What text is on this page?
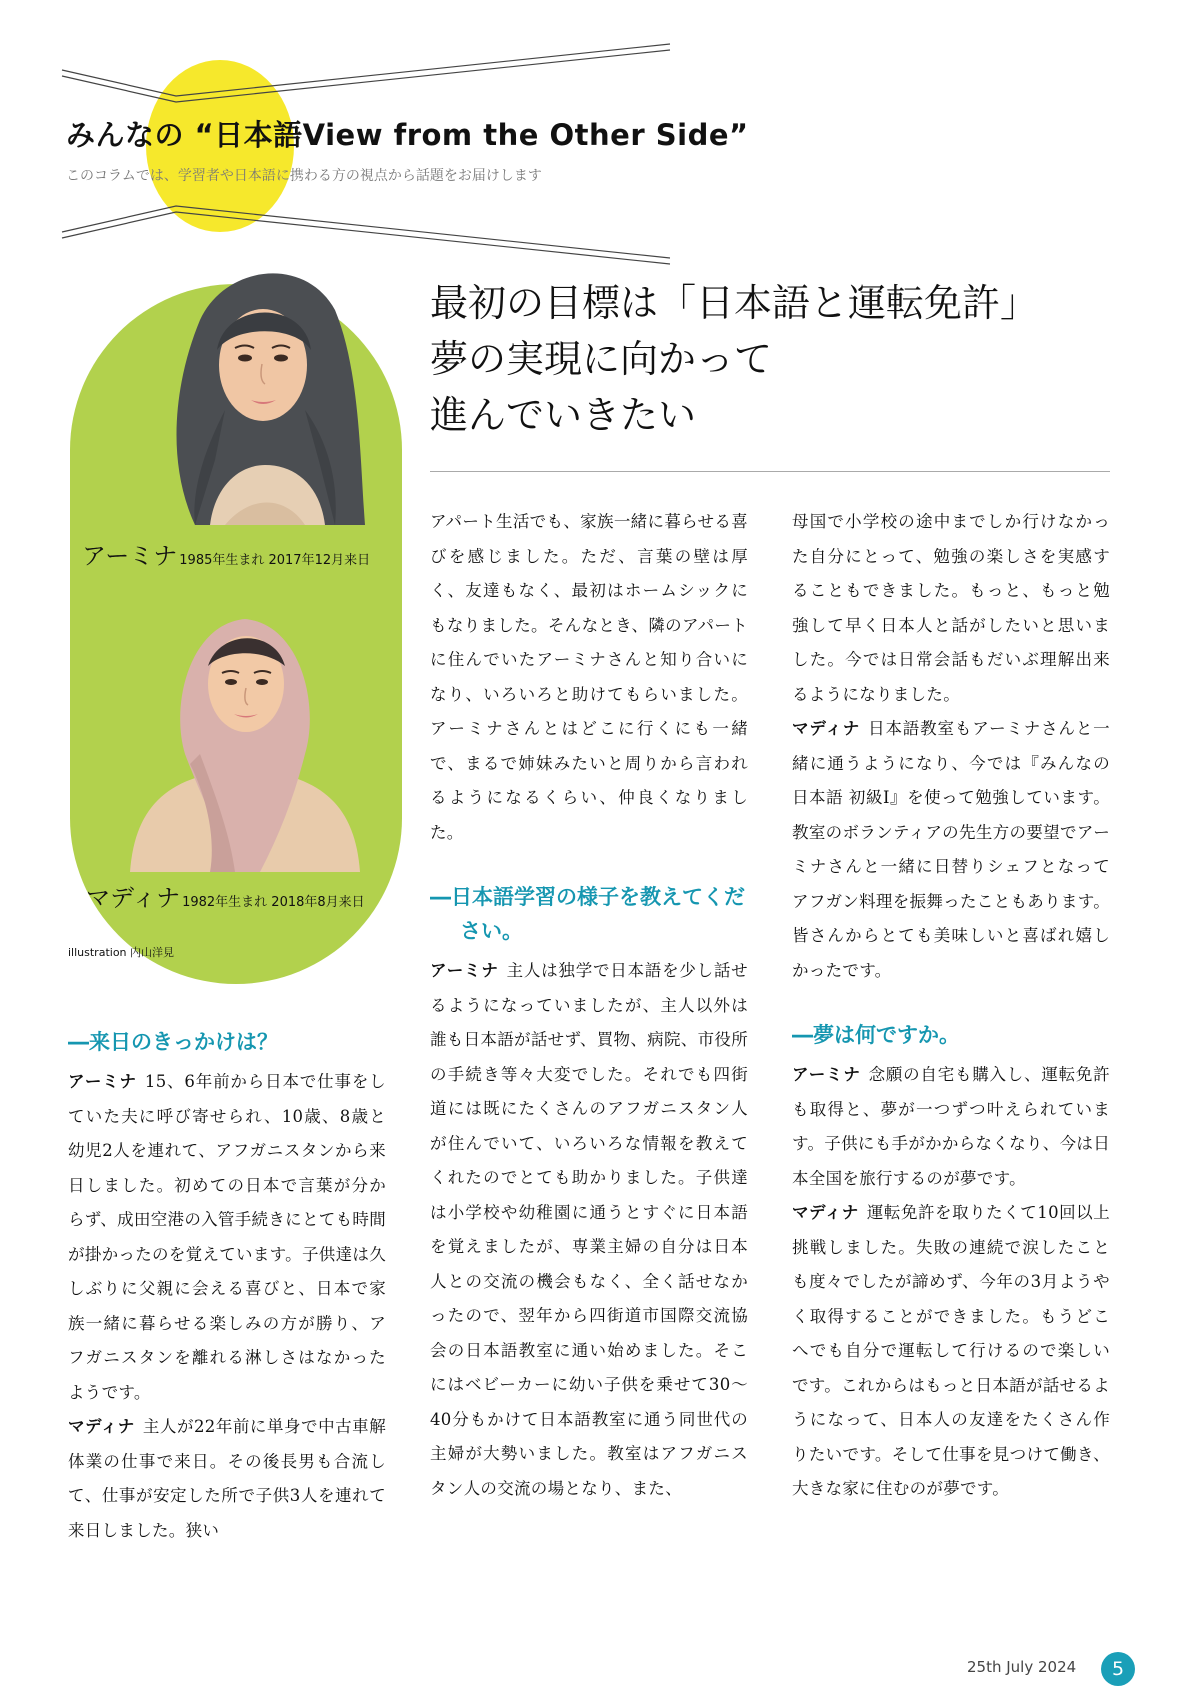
みんなの “日本語View from the Other Side”
このコラムでは、学習者や日本語に携わる方の視点から話題をお届けします
アーミナ 1985年生まれ 2017年12月来日
マディナ 1982年生まれ 2018年8月来日
illustration 内山洋見
最初の目標は「日本語と運転免許」
夢の実現に向かって
進んでいきたい
―来日のきっかけは？

アーミナ 15、6年前から日本で仕事をしていた夫に呼び寄せられ、10歳、8歳と幼児2人を連れて、アフガニスタンから来日しました。初めての日本で言葉が分からず、成田空港の入管手続きにとても時間が掛かったのを覚えています。子供達は久しぶりに父親に会える喜びと、日本で家族一緒に暮らせる楽しみの方が勝り、アフガニスタンを離れる淋しさはなかったようです。

マディナ 主人が22年前に単身で中古車解体業の仕事で来日。その後長男も合流して、仕事が安定した所で子供3人を連れて来日しました。狭い

アパート生活でも、家族一緒に暮らせる喜びを感じました。ただ、言葉の壁は厚く、友達もなく、最初はホームシックにもなりました。そんなとき、隣のアパートに住んでいたアーミナさんと知り合いになり、いろいろと助けてもらいました。アーミナさんとはどこに行くにも一緒で、まるで姉妹みたいと周りから言われるようになるくらい、仲良くなりました。

―日本語学習の様子を教えてください。

アーミナ 主人は独学で日本語を少し話せるようになっていましたが、主人以外は誰も日本語が話せず、買物、病院、市役所の手続き等々大変でした。それでも四街道には既にたくさんのアフガニスタン人が住んでいて、いろいろな情報を教えてくれたのでとても助かりました。子供達は小学校や幼稚園に通うとすぐに日本語を覚えましたが、専業主婦の自分は日本人との交流の機会もなく、全く話せなかったので、翌年から四街道市国際交流協会の日本語教室に通い始めました。そこにはベビーカーに幼い子供を乗せて30～40分もかけて日本語教室に通う同世代の主婦が大勢いました。教室はアフガニスタン人の交流の場となり、また、

母国で小学校の途中までしか行けなかった自分にとって、勉強の楽しさを実感することもできました。もっと、もっと勉強して早く日本人と話がしたいと思いました。今では日常会話もだいぶ理解出来るようになりました。

マディナ 日本語教室もアーミナさんと一緒に通うようになり、今では『みんなの日本語 初級Ⅰ』を使って勉強しています。教室のボランティアの先生方の要望でアーミナさんと一緒に日替りシェフとなってアフガン料理を振舞ったこともあります。皆さんからとても美味しいと喜ばれ嬉しかったです。

―夢は何ですか。

アーミナ 念願の自宅も購入し、運転免許も取得と、夢が一つずつ叶えられています。子供にも手がかからなくなり、今は日本全国を旅行するのが夢です。

マディナ 運転免許を取りたくて10回以上挑戦しました。失敗の連続で涙したことも度々でしたが諦めず、今年の3月ようやく取得することができました。もうどこへでも自分で運転して行けるので楽しいです。これからはもっと日本語が話せるようになって、日本人の友達をたくさん作りたいです。そして仕事を見つけて働き、大きな家に住むのが夢です。

25th July 2024	5
